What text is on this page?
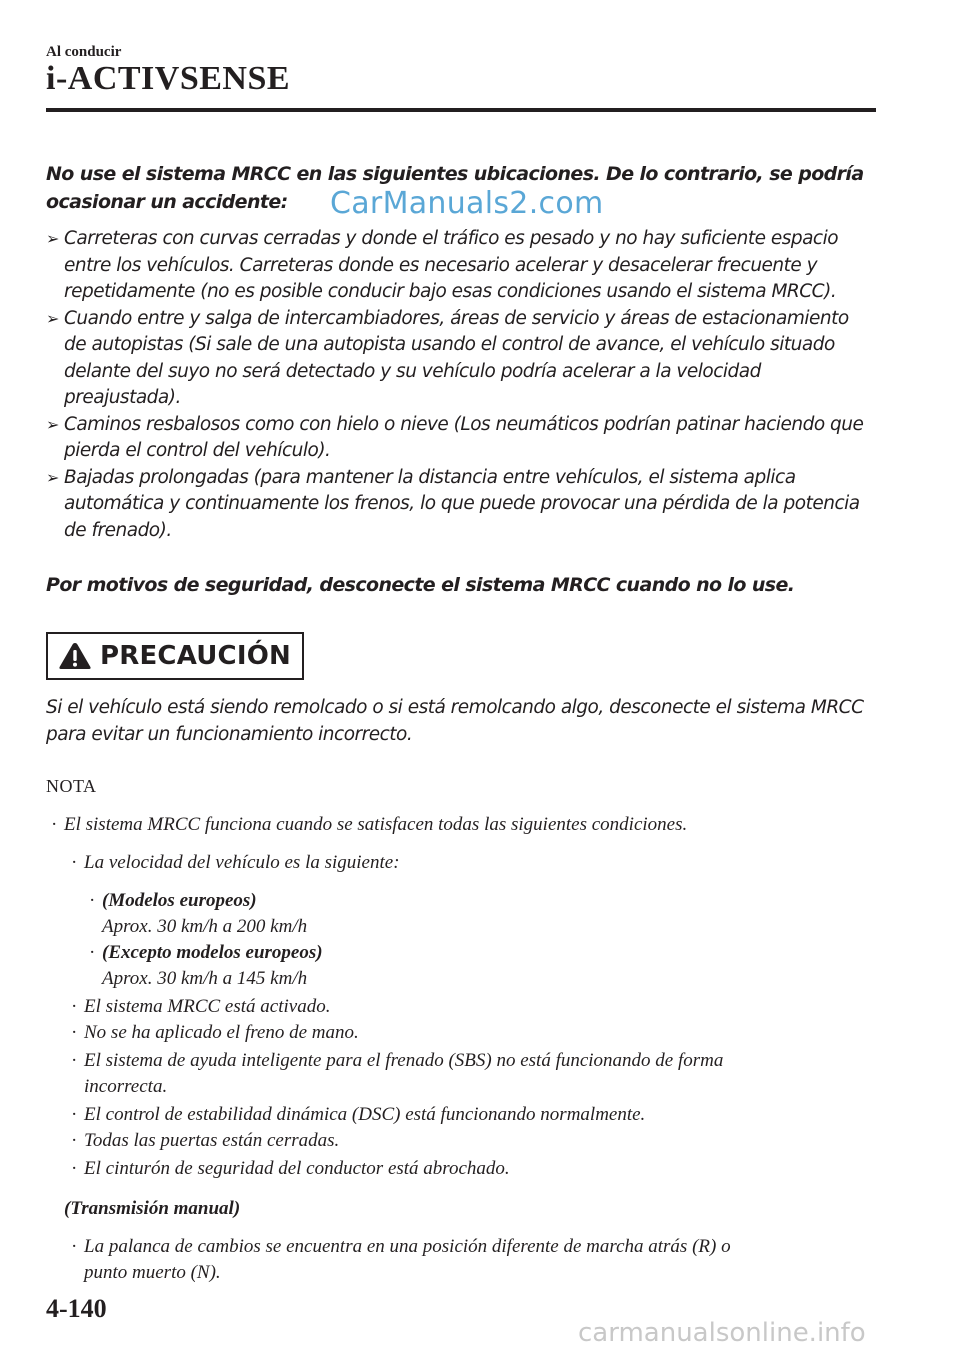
Al conducir
i-ACTIVSENSE
No use el sistema MRCC en las siguientes ubicaciones. De lo contrario, se podría ocasionar un accidente:	CarManuals2.com
➢ Carreteras con curvas cerradas y donde el tráfico es pesado y no hay suficiente espacio entre los vehículos. Carreteras donde es necesario acelerar y desacelerar frecuente y repetidamente (no es posible conducir bajo esas condiciones usando el sistema MRCC).
➢ Cuando entre y salga de intercambiadores, áreas de servicio y áreas de estacionamiento de autopistas (Si sale de una autopista usando el control de avance, el vehículo situado delante del suyo no será detectado y su vehículo podría acelerar a la velocidad preajustada).
➢ Caminos resbalosos como con hielo o nieve (Los neumáticos podrían patinar haciendo que pierda el control del vehículo).
➢ Bajadas prolongadas (para mantener la distancia entre vehículos, el sistema aplica automática y continuamente los frenos, lo que puede provocar una pérdida de la potencia de frenado).
Por motivos de seguridad, desconecte el sistema MRCC cuando no lo use.
PRECAUCIÓN
Si el vehículo está siendo remolcado o si está remolcando algo, desconecte el sistema MRCC para evitar un funcionamiento incorrecto.
NOTA
· El sistema MRCC funciona cuando se satisfacen todas las siguientes condiciones.
· La velocidad del vehículo es la siguiente:
· (Modelos europeos)
Aprox. 30 km/h a 200 km/h
· (Excepto modelos europeos)
Aprox. 30 km/h a 145 km/h
· El sistema MRCC está activado.
· No se ha aplicado el freno de mano.
· El sistema de ayuda inteligente para el frenado (SBS) no está funcionando de forma
incorrecta.
· El control de estabilidad dinámica (DSC) está funcionando normalmente.
· Todas las puertas están cerradas.
· El cinturón de seguridad del conductor está abrochado.
(Transmisión manual)
· La palanca de cambios se encuentra en una posición diferente de marcha atrás (R) o
punto muerto (N).
4-140
carmanualsonline.info
